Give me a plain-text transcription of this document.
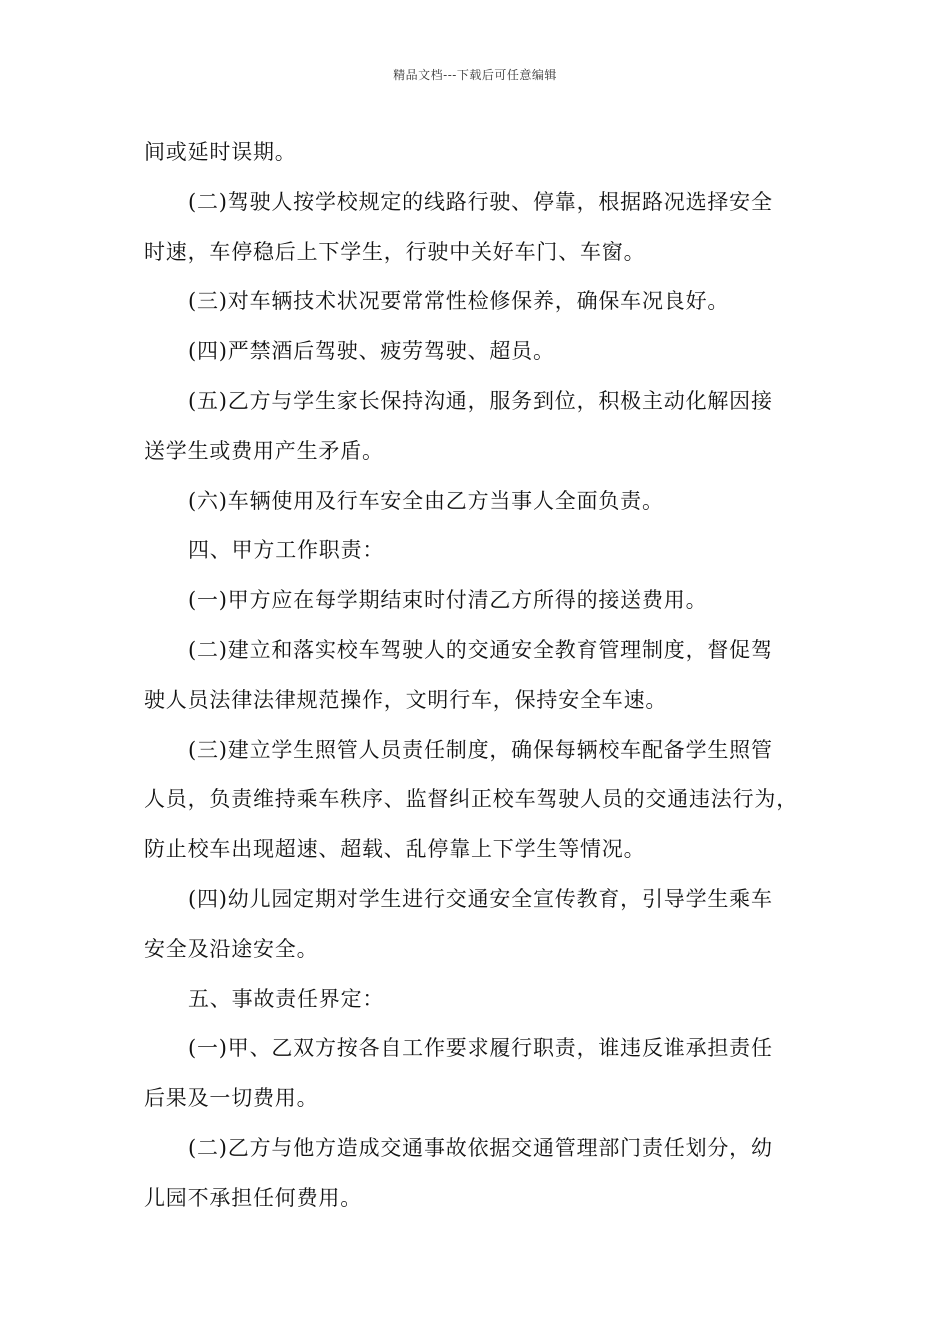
精品文档---下载后可任意编辑
间或延时误期。
(二)驾驶人按学校规定的线路行驶、停靠，根据路况选择安全
时速，车停稳后上下学生，行驶中关好车门、车窗。
(三)对车辆技术状况要常常性检修保养，确保车况良好。
(四)严禁酒后驾驶、疲劳驾驶、超员。
(五)乙方与学生家长保持沟通，服务到位，积极主动化解因接
送学生或费用产生矛盾。
(六)车辆使用及行车安全由乙方当事人全面负责。
四、甲方工作职责：
(一)甲方应在每学期结束时付清乙方所得的接送费用。
(二)建立和落实校车驾驶人的交通安全教育管理制度，督促驾
驶人员法律法律规范操作，文明行车，保持安全车速。
(三)建立学生照管人员责任制度，确保每辆校车配备学生照管
人员，负责维持乘车秩序、监督纠正校车驾驶人员的交通违法行为，
防止校车出现超速、超载、乱停靠上下学生等情况。
(四)幼儿园定期对学生进行交通安全宣传教育，引导学生乘车
安全及沿途安全。
五、事故责任界定：
(一)甲、乙双方按各自工作要求履行职责，谁违反谁承担责任
后果及一切费用。
(二)乙方与他方造成交通事故依据交通管理部门责任划分，幼
儿园不承担任何费用。
